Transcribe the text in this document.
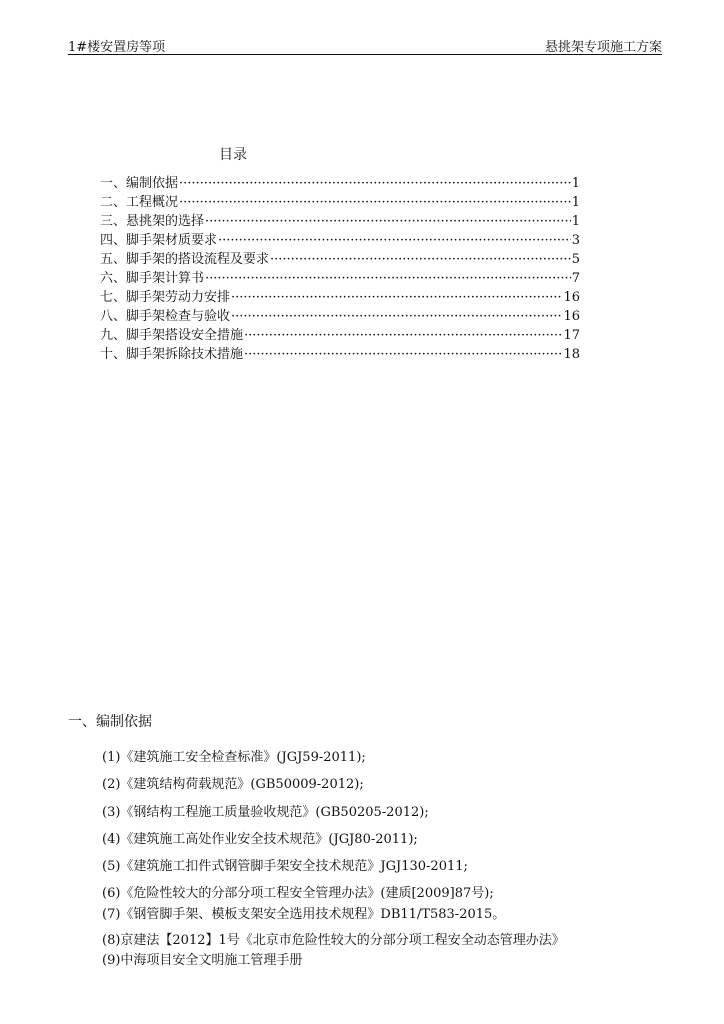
1#楼安置房等项	悬挑架专项施工方案
目录
一、编制依据 ·····	1
二、工程概况 ·····	1
三、悬挑架的选择 ·····	1
四、脚手架材质要求 ·····	3
五、脚手架的搭设流程及要求 ·····	5
六、脚手架计算书 ·····	7
七、脚手架劳动力安排 ·····	16
八、脚手架检查与验收 ·····	16
九、脚手架搭设安全措施 ·····	17
十、脚手架拆除技术措施 ·····	18
一、编制依据
(1)《建筑施工安全检查标准》(JGJ59-2011);
(2)《建筑结构荷载规范》(GB50009-2012);
(3)《钢结构工程施工质量验收规范》(GB50205-2012);
(4)《建筑施工高处作业安全技术规范》(JGJ80-2011);
(5)《建筑施工扣件式钢管脚手架安全技术规范》JGJ130-2011;
(6)《危险性较大的分部分项工程安全管理办法》(建质[2009]87号);
(7)《钢管脚手架、模板支架安全选用技术规程》DB11/T583-2015。
(8)京建法【2012】1号《北京市危险性较大的分部分项工程安全动态管理办法》
(9)中海项目安全文明施工管理手册
